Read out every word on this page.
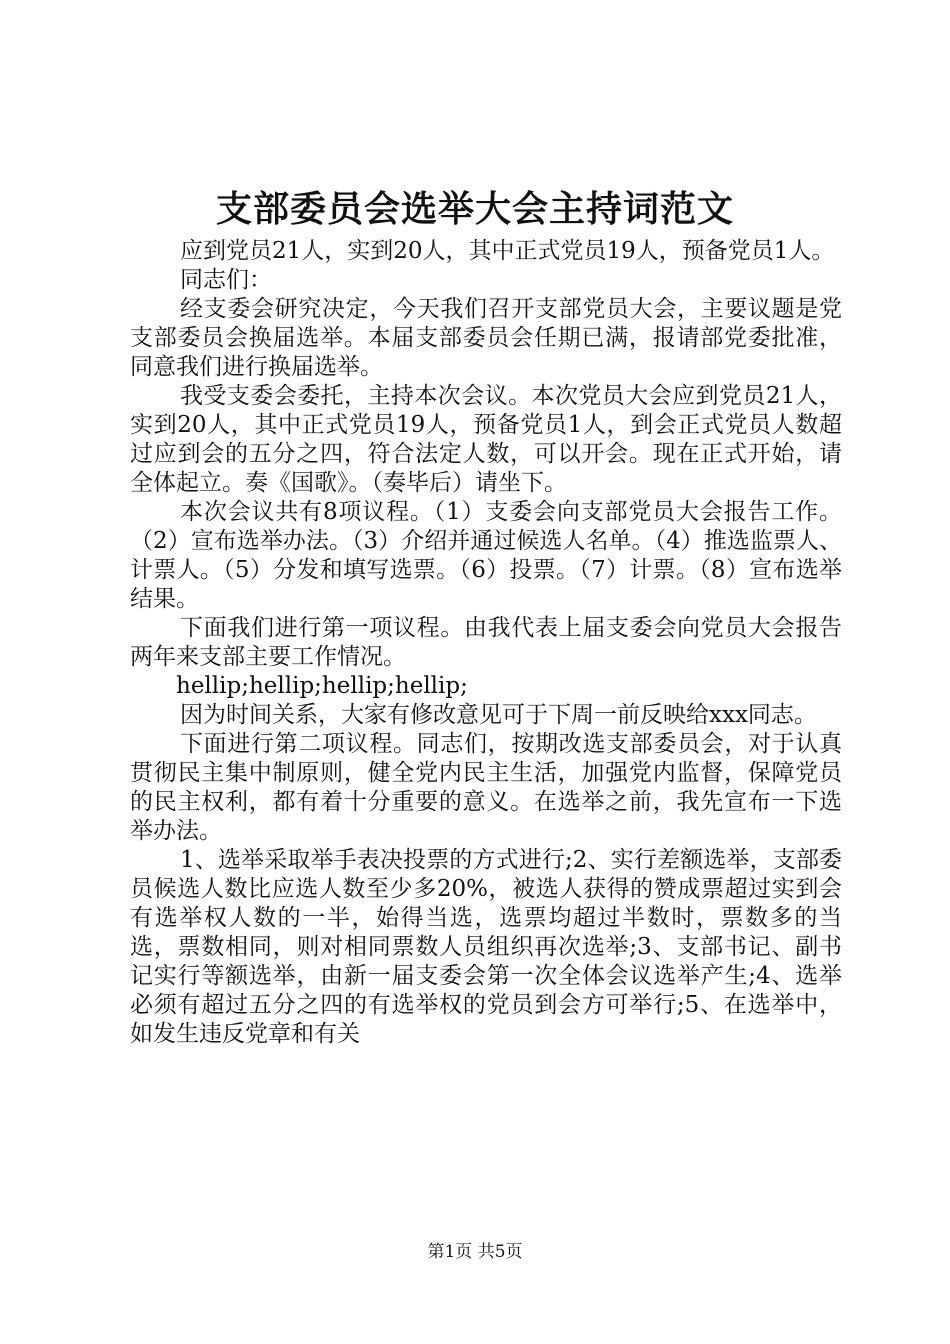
支部委员会选举大会主持词范文

应到党员21人，实到20人，其中正式党员19人，预备党员1人。

同志们：

经支委会研究决定，今天我们召开支部党员大会，主要议题是党支部委员会换届选举。本届支部委员会任期已满，报请部党委批准，同意我们进行换届选举。

我受支委会委托，主持本次会议。本次党员大会应到党员21人，实到20人，其中正式党员19人，预备党员1人，到会正式党员人数超过应到会的五分之四，符合法定人数，可以开会。现在正式开始，请全体起立。奏《国歌》。（奏毕后）请坐下。

本次会议共有8项议程。（1）支委会向支部党员大会报告工作。（2）宣布选举办法。（3）介绍并通过候选人名单。（4）推选监票人、计票人。（5）分发和填写选票。（6）投票。（7）计票。（8）宣布选举结果。

下面我们进行第一项议程。由我代表上届支委会向党员大会报告两年来支部主要工作情况。

hellip;hellip;hellip;hellip;

因为时间关系，大家有修改意见可于下周一前反映给xxx同志。

下面进行第二项议程。同志们，按期改选支部委员会，对于认真贯彻民主集中制原则，健全党内民主生活，加强党内监督，保障党员的民主权利，都有着十分重要的意义。在选举之前，我先宣布一下选举办法。

1、选举采取举手表决投票的方式进行;2、实行差额选举，支部委员候选人数比应选人数至少多20%，被选人获得的赞成票超过实到会有选举权人数的一半，始得当选，选票均超过半数时，票数多的当选，票数相同，则对相同票数人员组织再次选举;3、支部书记、副书记实行等额选举，由新一届支委会第一次全体会议选举产生;4、选举必须有超过五分之四的有选举权的党员到会方可举行;5、在选举中，如发生违反党章和有关

第1页 共5页
